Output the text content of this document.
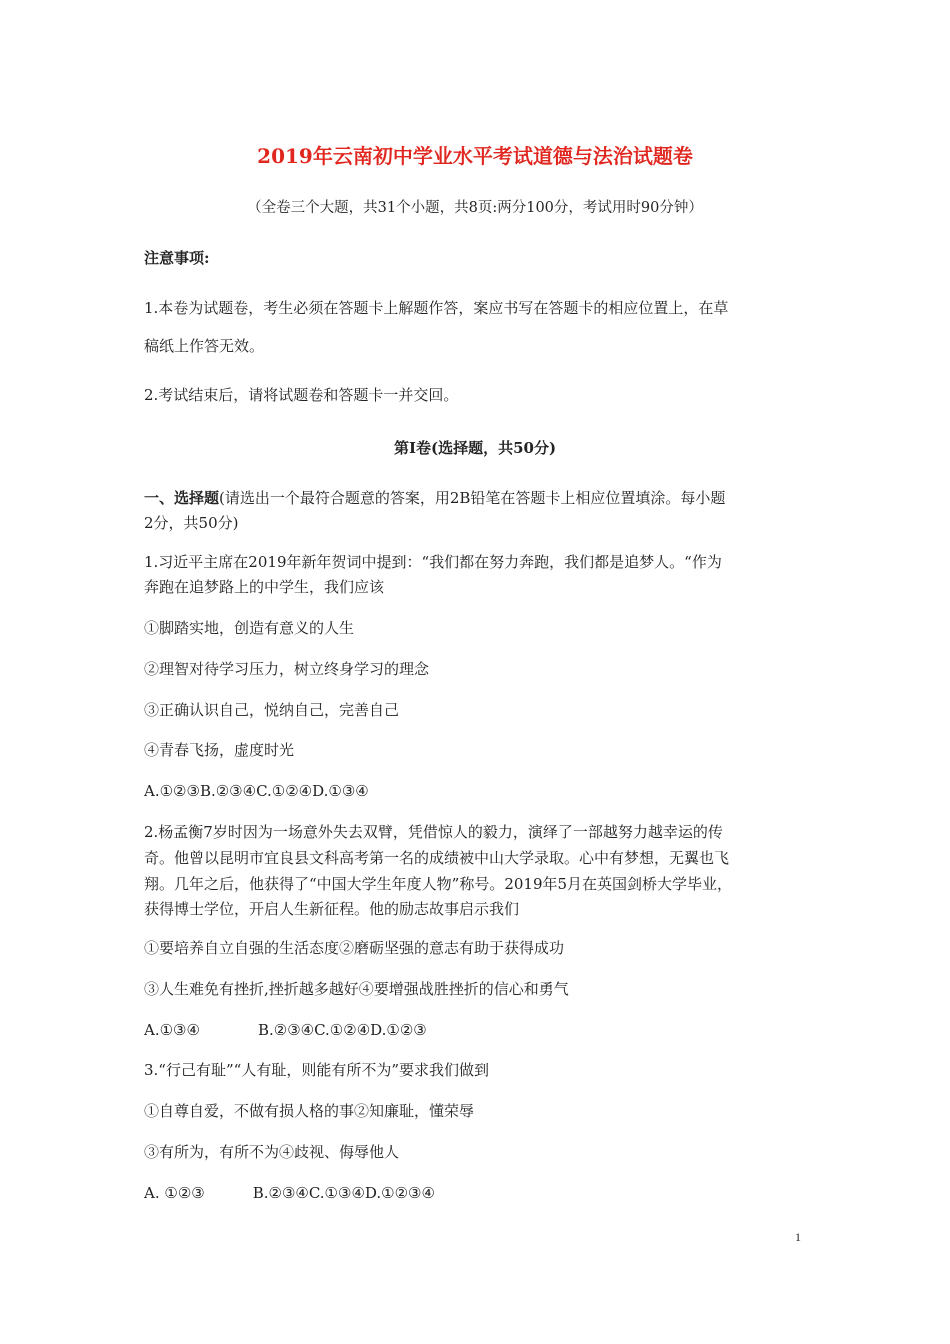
2019年云南初中学业水平考试道德与法治试题卷
（全卷三个大题，共31个小题，共8页:两分100分，考试用时90分钟）
注意事项:
1.本卷为试题卷，考生必须在答题卡上解题作答，案应书写在答题卡的相应位置上，在草
稿纸上作答无效。
2.考试结束后，请将试题卷和答题卡一并交回。
第Ⅰ卷(选择题，共50分)
一、选择题(请选出一个最符合题意的答案，用2B铅笔在答题卡上相应位置填涂。每小题
2分，共50分)
1.习近平主席在2019年新年贺词中提到：“我们都在努力奔跑，我们都是追梦人。“作为
奔跑在追梦路上的中学生，我们应该
①脚踏实地，创造有意义的人生
②理智对待学习压力，树立终身学习的理念
③正确认识自己，悦纳自己，完善自己
④青春飞扬，虚度时光
A.①②③B.②③④C.①②④D.①③④
2.杨孟衡7岁时因为一场意外失去双臂，凭借惊人的毅力，演绎了一部越努力越幸运的传
奇。他曾以昆明市宜良县文科高考第一名的成绩被中山大学录取。心中有梦想，无翼也飞
翔。几年之后，他获得了“中国大学生年度人物”称号。2019年5月在英国剑桥大学毕业，
获得博士学位，开启人生新征程。他的励志故事启示我们
①要培养自立自强的生活态度②磨砺坚强的意志有助于获得成功
③人生难免有挫折,挫折越多越好④要增强战胜挫折的信心和勇气
A.①③④	B.②③④C.①②④D.①②③
3.“行己有耻”“人有耻，则能有所不为”要求我们做到
①自尊自爱，不做有损人格的事②知廉耻，懂荣辱
③有所为，有所不为④歧视、侮辱他人
A. ①②③	B.②③④C.①③④D.①②③④
1
